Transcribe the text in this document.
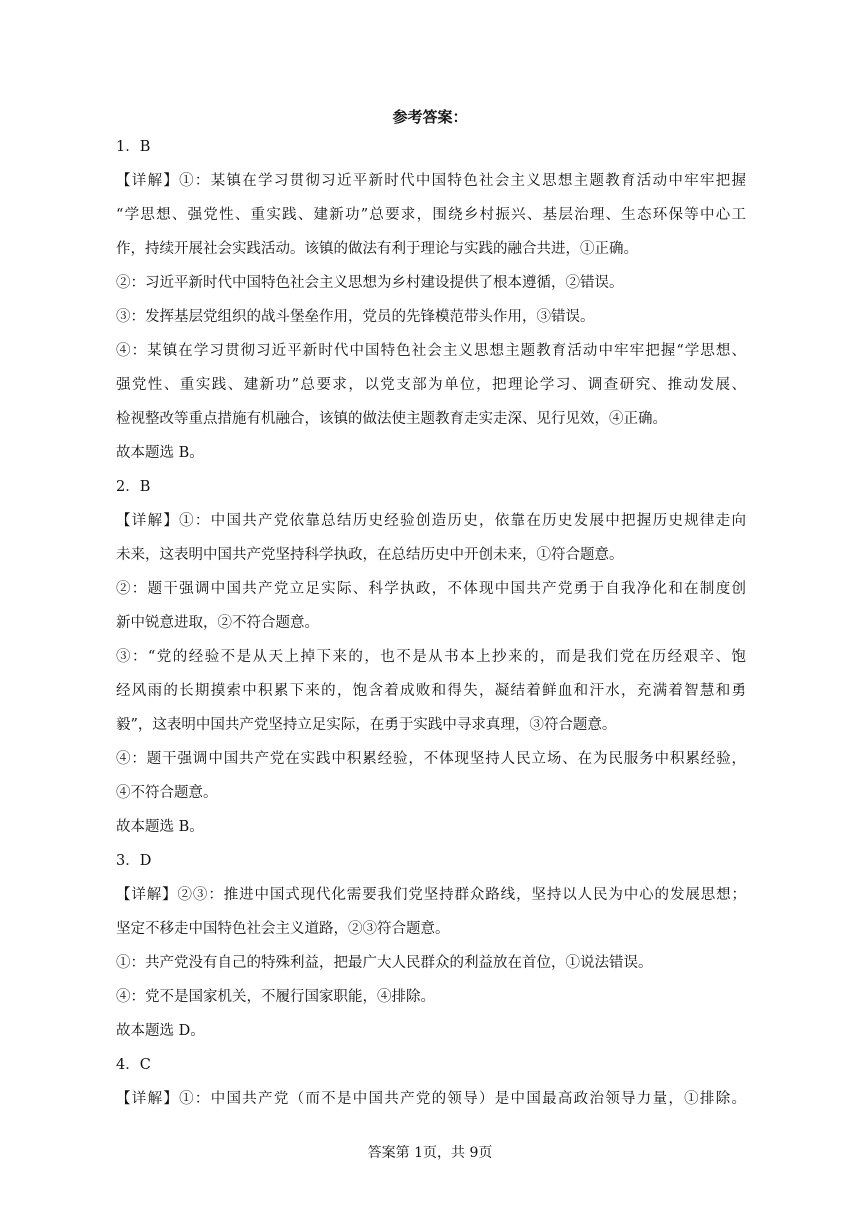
参考答案：
1．B
【详解】①：某镇在学习贯彻习近平新时代中国特色社会主义思想主题教育活动中牢牢把握
“学思想、强党性、重实践、建新功”总要求，围绕乡村振兴、基层治理、生态环保等中心工
作，持续开展社会实践活动。该镇的做法有利于理论与实践的融合共进，①正确。
②：习近平新时代中国特色社会主义思想为乡村建设提供了根本遵循，②错误。
③：发挥基层党组织的战斗堡垒作用，党员的先锋模范带头作用，③错误。
④：某镇在学习贯彻习近平新时代中国特色社会主义思想主题教育活动中牢牢把握“学思想、
强党性、重实践、建新功”总要求，以党支部为单位，把理论学习、调查研究、推动发展、
检视整改等重点措施有机融合，该镇的做法使主题教育走实走深、见行见效，④正确。
故本题选 B。
2．B
【详解】①：中国共产党依靠总结历史经验创造历史，依靠在历史发展中把握历史规律走向
未来，这表明中国共产党坚持科学执政，在总结历史中开创未来，①符合题意。
②：题干强调中国共产党立足实际、科学执政，不体现中国共产党勇于自我净化和在制度创
新中锐意进取，②不符合题意。
③：“党的经验不是从天上掉下来的，也不是从书本上抄来的，而是我们党在历经艰辛、饱
经风雨的长期摸索中积累下来的，饱含着成败和得失，凝结着鲜血和汗水，充满着智慧和勇
毅”，这表明中国共产党坚持立足实际，在勇于实践中寻求真理，③符合题意。
④：题干强调中国共产党在实践中积累经验，不体现坚持人民立场、在为民服务中积累经验，
④不符合题意。
故本题选 B。
3．D
【详解】②③：推进中国式现代化需要我们党坚持群众路线，坚持以人民为中心的发展思想；
坚定不移走中国特色社会主义道路，②③符合题意。
①：共产党没有自己的特殊利益，把最广大人民群众的利益放在首位，①说法错误。
④：党不是国家机关，不履行国家职能，④排除。
故本题选 D。
4．C
【详解】①：中国共产党（而不是中国共产党的领导）是中国最高政治领导力量，①排除。
答案第 1页，共 9页
